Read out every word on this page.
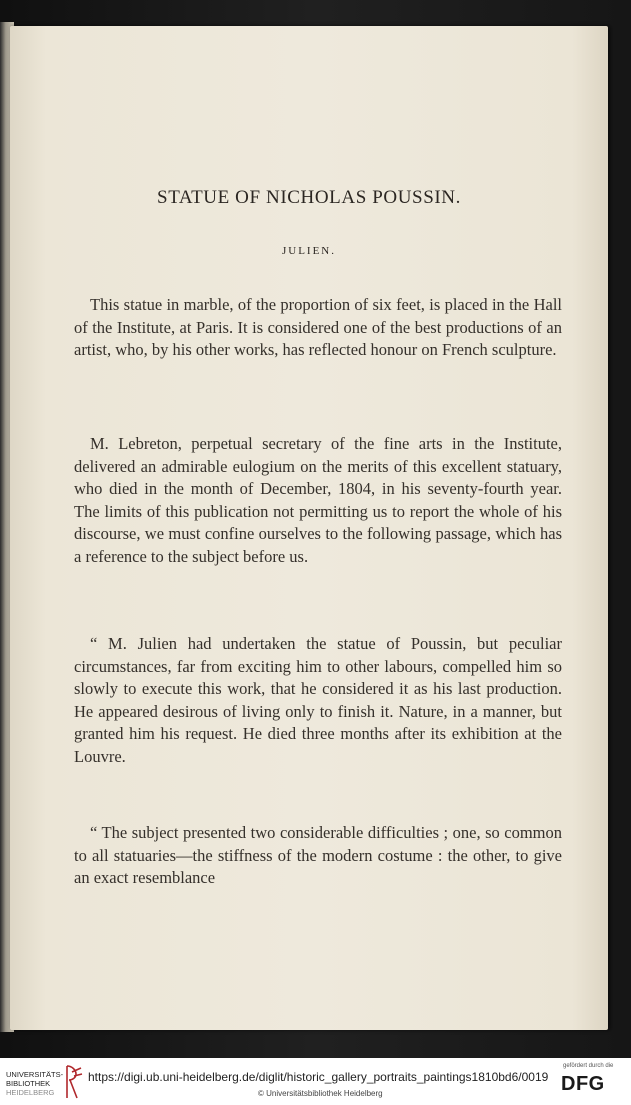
STATUE OF NICHOLAS POUSSIN.
JULIEN.

This statue in marble, of the proportion of six feet, is placed in the Hall of the Institute, at Paris. It is considered one of the best productions of an artist, who, by his other works, has reflected honour on French sculpture.

M. Lebreton, perpetual secretary of the fine arts in the Institute, delivered an admirable eulogium on the merits of this excellent statuary, who died in the month of December, 1804, in his seventy-fourth year. The limits of this publication not permitting us to report the whole of his discourse, we must confine ourselves to the following passage, which has a reference to the subject before us.

“ M. Julien had undertaken the statue of Poussin, but peculiar circumstances, far from exciting him to other labours, compelled him so slowly to execute this work, that he considered it as his last production. He appeared desirous of living only to finish it. Nature, in a manner, but granted him his request. He died three months after its exhibition at the Louvre.

“ The subject presented two considerable difficulties ; one, so common to all statuaries—the stiffness of the modern costume : the other, to give an exact resemblance

UNIVERSITÄTS-
BIBLIOTHEK
HEIDELBERG
https://digi.ub.uni-heidelberg.de/diglit/historic_gallery_portraits_paintings1810bd6/0019
© Universitätsbibliothek Heidelberg
gefördert durch die
DFG
